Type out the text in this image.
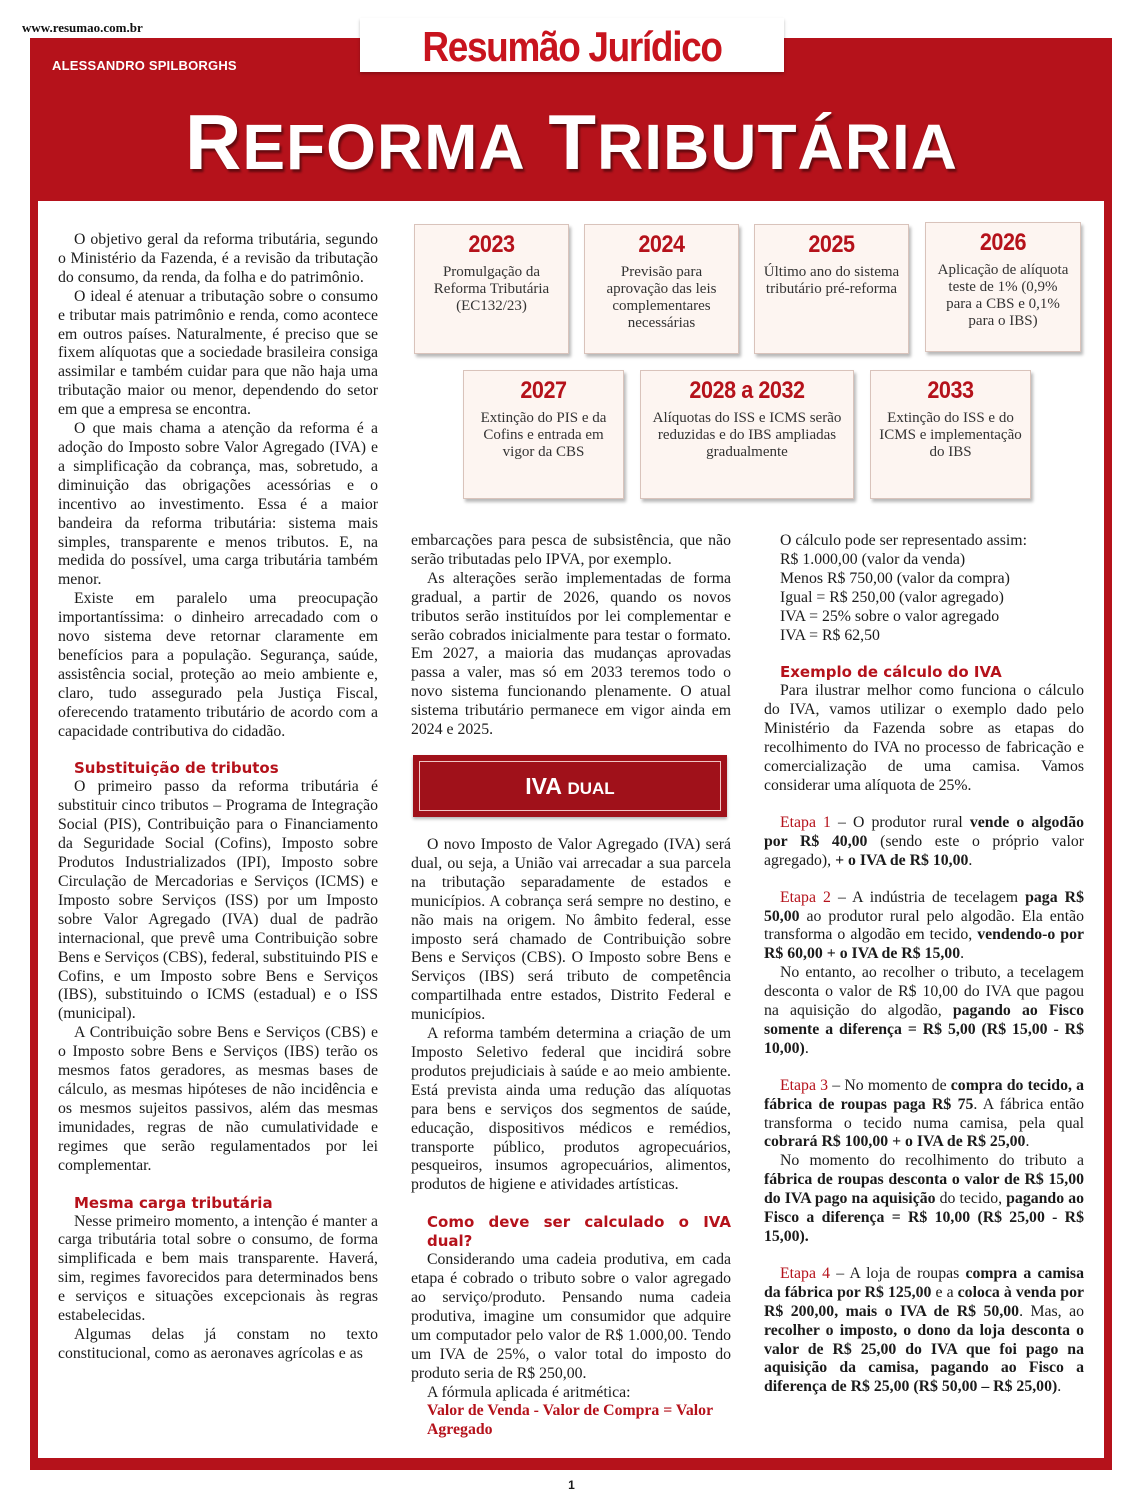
www.resumao.com.br
ALESSANDRO SPILBORGHS	Resumão Jurídico
REFORMA TRIBUTÁRIA
2023
Promulgação da Reforma Tributária (EC132/23)
2024
Previsão para aprovação das leis complementares necessárias
2025
Último ano do sistema tributário pré-reforma
2026
Aplicação de alíquota teste de 1% (0,9% para a CBS e 0,1% para o IBS)
2027
Extinção do PIS e da Cofins e entrada em vigor da CBS
2028 a 2032
Alíquotas do ISS e ICMS serão reduzidas e do IBS ampliadas gradualmente
2033
Extinção do ISS e do ICMS e implementação do IBS

O objetivo geral da reforma tributária, segundo o Ministério da Fazenda, é a revisão da tributação do consumo, da renda, da folha e do patrimônio.

O ideal é atenuar a tributação sobre o consumo e tributar mais patrimônio e renda, como acontece em outros países. Naturalmente, é preciso que se fixem alíquotas que a sociedade brasileira consiga assimilar e também cuidar para que não haja uma tributação maior ou menor, dependendo do setor em que a empresa se encontra.

O que mais chama a atenção da reforma é a adoção do Imposto sobre Valor Agregado (IVA) e a simplificação da cobrança, mas, sobretudo, a diminuição das obrigações acessórias e o incentivo ao investimento. Essa é a maior bandeira da reforma tributária: sistema mais simples, transparente e menos tributos. E, na medida do possível, uma carga tributária também menor.

Existe em paralelo uma preocupação importantíssima: o dinheiro arrecadado com o novo sistema deve retornar claramente em benefícios para a população. Segurança, saúde, assistência social, proteção ao meio ambiente e, claro, tudo assegurado pela Justiça Fiscal, oferecendo tratamento tributário de acordo com a capacidade contributiva do cidadão.

Substituição de tributos

O primeiro passo da reforma tributária é substituir cinco tributos – Programa de Integração Social (PIS), Contribuição para o Financiamento da Seguridade Social (Cofins), Imposto sobre Produtos Industrializados (IPI), Imposto sobre Circulação de Mercadorias e Serviços (ICMS) e Imposto sobre Serviços (ISS) por um Imposto sobre Valor Agregado (IVA) dual de padrão internacional, que prevê uma Contribuição sobre Bens e Serviços (CBS), federal, substituindo PIS e Cofins, e um Imposto sobre Bens e Serviços (IBS), substituindo o ICMS (estadual) e o ISS (municipal).

A Contribuição sobre Bens e Serviços (CBS) e o Imposto sobre Bens e Serviços (IBS) terão os mesmos fatos geradores, as mesmas bases de cálculo, as mesmas hipóteses de não incidência e os mesmos sujeitos passivos, além das mesmas imunidades, regras de não cumulatividade e regimes que serão regulamentados por lei complementar.

Mesma carga tributária

Nesse primeiro momento, a intenção é manter a carga tributária total sobre o consumo, de forma simplificada e bem mais transparente. Haverá, sim, regimes favorecidos para determinados bens e serviços e situações excepcionais às regras estabelecidas.

Algumas delas já constam no texto constitucional, como as aeronaves agrícolas e as

embarcações para pesca de subsistência, que não serão tributadas pelo IPVA, por exemplo.

As alterações serão implementadas de forma gradual, a partir de 2026, quando os novos tributos serão instituídos por lei complementar e serão cobrados inicialmente para testar o formato. Em 2027, a maioria das mudanças aprovadas passa a valer, mas só em 2033 teremos todo o novo sistema funcionando plenamente. O atual sistema tributário permanece em vigor ainda em 2024 e 2025.

IVA DUAL

O novo Imposto de Valor Agregado (IVA) será dual, ou seja, a União vai arrecadar a sua parcela na tributação separadamente de estados e municípios. A cobrança será sempre no destino, e não mais na origem. No âmbito federal, esse imposto será chamado de Contribuição sobre Bens e Serviços (CBS). O Imposto sobre Bens e Serviços (IBS) será tributo de competência compartilhada entre estados, Distrito Federal e municípios.

A reforma também determina a criação de um Imposto Seletivo federal que incidirá sobre produtos prejudiciais à saúde e ao meio ambiente. Está prevista ainda uma redução das alíquotas para bens e serviços dos segmentos de saúde, educação, dispositivos médicos e remédios, transporte público, produtos agropecuários, pesqueiros, insumos agropecuários, alimentos, produtos de higiene e atividades artísticas.

Como deve ser calculado o IVA dual?

Considerando uma cadeia produtiva, em cada etapa é cobrado o tributo sobre o valor agregado ao serviço/produto. Pensando numa cadeia produtiva, imagine um consumidor que adquire um computador pelo valor de R$ 1.000,00. Tendo um IVA de 25%, o valor total do imposto do produto seria de R$ 250,00.

A fórmula aplicada é aritmética:

Valor de Venda - Valor de Compra = Valor Agregado

O cálculo pode ser representado assim:

R$ 1.000,00 (valor da venda)

Menos R$ 750,00 (valor da compra)

Igual = R$ 250,00 (valor agregado)

IVA = 25% sobre o valor agregado

IVA = R$ 62,50

Exemplo de cálculo do IVA

Para ilustrar melhor como funciona o cálculo do IVA, vamos utilizar o exemplo dado pelo Ministério da Fazenda sobre as etapas do recolhimento do IVA no processo de fabricação e comercialização de uma camisa. Vamos considerar uma alíquota de 25%.

Etapa 1 – O produtor rural vende o algodão por R$ 40,00 (sendo este o próprio valor agregado), + o IVA de R$ 10,00.

Etapa 2 – A indústria de tecelagem paga R$ 50,00 ao produtor rural pelo algodão. Ela então transforma o algodão em tecido, vendendo-o por R$ 60,00 + o IVA de R$ 15,00.

No entanto, ao recolher o tributo, a tecelagem desconta o valor de R$ 10,00 do IVA que pagou na aquisição do algodão, pagando ao Fisco somente a diferença = R$ 5,00 (R$ 15,00 - R$ 10,00).

Etapa 3 – No momento de compra do tecido, a fábrica de roupas paga R$ 75. A fábrica então transforma o tecido numa camisa, pela qual cobrará R$ 100,00 + o IVA de R$ 25,00.

No momento do recolhimento do tributo a fábrica de roupas desconta o valor de R$ 15,00 do IVA pago na aquisição do tecido, pagando ao Fisco a diferença = R$ 10,00 (R$ 25,00 - R$ 15,00).

Etapa 4 – A loja de roupas compra a camisa da fábrica por R$ 125,00 e a coloca à venda por R$ 200,00, mais o IVA de R$ 50,00. Mas, ao recolher o imposto, o dono da loja desconta o valor de R$ 25,00 do IVA que foi pago na aquisição da camisa, pagando ao Fisco a diferença de R$ 25,00 (R$ 50,00 – R$ 25,00).

1
